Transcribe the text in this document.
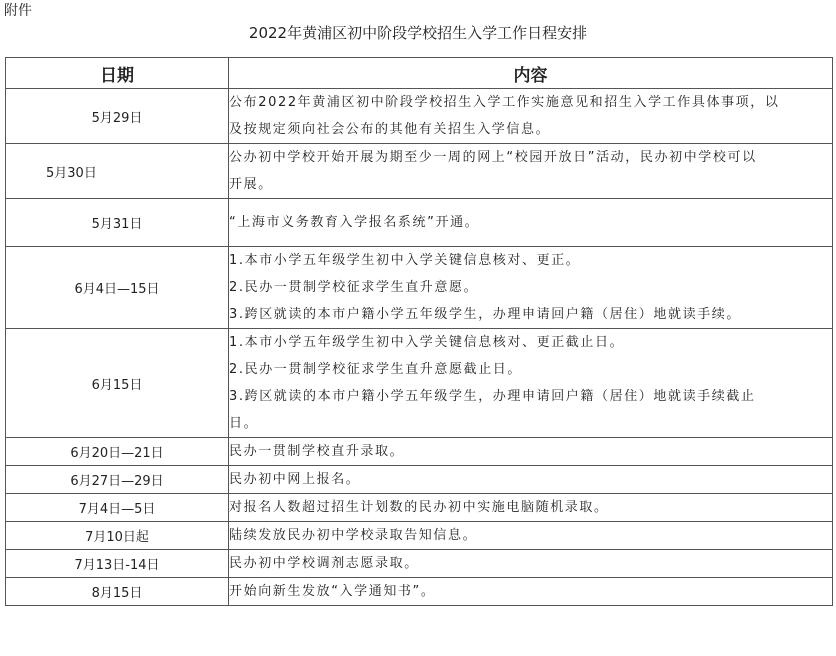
附件
2022年黄浦区初中阶段学校招生入学工作日程安排
日期	内容
5月29日	公布2022年黄浦区初中阶段学校招生入学工作实施意见和招生入学工作具体事项，以
及按规定须向社会公布的其他有关招生入学信息。

5月30日	公办初中学校开始开展为期至少一周的网上“校园开放日”活动，民办初中学校可以
开展。

5月31日	“上海市义务教育入学报名系统”开通。

6月4日—15日	1.本市小学五年级学生初中入学关键信息核对、更正。
2.民办一贯制学校征求学生直升意愿。
3.跨区就读的本市户籍小学五年级学生，办理申请回户籍（居住）地就读手续。

6月15日	1.本市小学五年级学生初中入学关键信息核对、更正截止日。
2.民办一贯制学校征求学生直升意愿截止日。
3.跨区就读的本市户籍小学五年级学生，办理申请回户籍（居住）地就读手续截止
日。

6月20日—21日	民办一贯制学校直升录取。

6月27日—29日	民办初中网上报名。

7月4日—5日	对报名人数超过招生计划数的民办初中实施电脑随机录取。

7月10日起	陆续发放民办初中学校录取告知信息。

7月13日-14日	民办初中学校调剂志愿录取。

8月15日	开始向新生发放“入学通知书”。
